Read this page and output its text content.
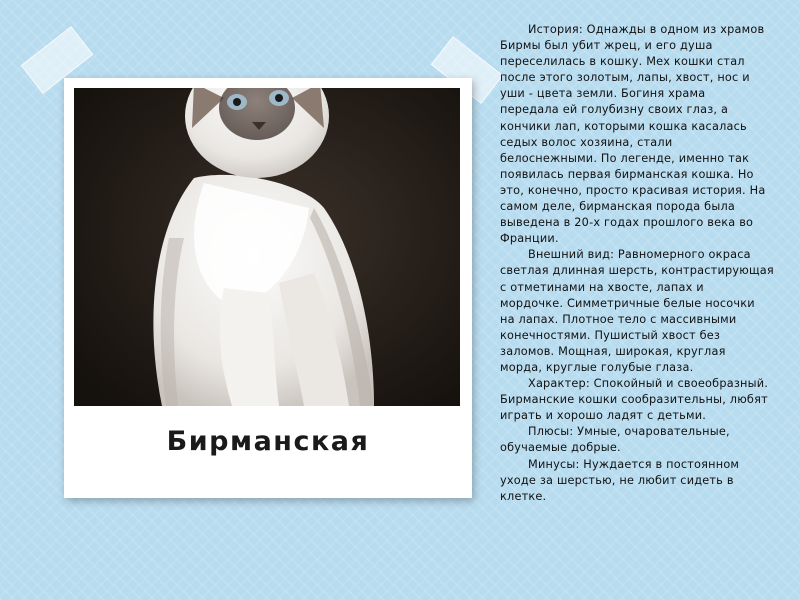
Бирманская
История: Однажды в одном из храмов
Бирмы был убит жрец, и его душа
переселилась в кошку. Мех кошки стал
после этого золотым, лапы, хвост, нос и
уши - цвета земли. Богиня храма
передала ей голубизну своих глаз, а
кончики лап, которыми кошка касалась
седых волос хозяина, стали
белоснежными. По легенде, именно так
появилась первая бирманская кошка. Но
это, конечно, просто красивая история. На
самом деле, бирманская порода была
выведена в 20-х годах прошлого века во
Франции.
Внешний вид: Равномерного окраса
светлая длинная шерсть, контрастирующая
с отметинами на хвосте, лапах и
мордочке. Симметричные белые носочки
на лапах. Плотное тело с массивными
конечностями. Пушистый хвост без
заломов. Мощная, широкая, круглая
морда, круглые голубые глаза.
Характер: Спокойный и своеобразный.
Бирманские кошки сообразительны, любят
играть и хорошо ладят с детьми.
Плюсы: Умные, очаровательные,
обучаемые добрые.
Минусы: Нуждается в постоянном
уходе за шерстью, не любит сидеть в
клетке.
